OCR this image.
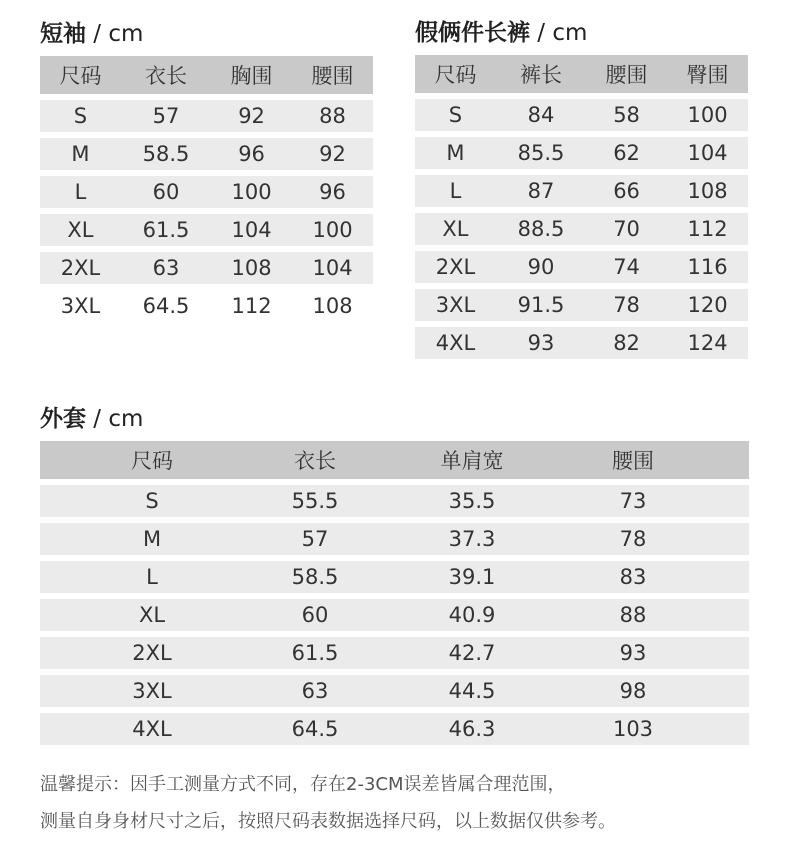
短袖 / cm
尺码	衣长	胸围	腰围
S	57	92	88
M	58.5	96	92
L	60	100	96
XL	61.5	104	100
2XL	63	108	104
3XL	64.5	112	108
假俩件长裤 / cm
尺码	裤长	腰围	臀围
S	84	58	100
M	85.5	62	104
L	87	66	108
XL	88.5	70	112
2XL	90	74	116
3XL	91.5	78	120
4XL	93	82	124
外套 / cm
尺码	衣长	单肩宽	腰围	
S	55.5	35.5	73	
M	57	37.3	78	
L	58.5	39.1	83	
XL	60	40.9	88	
2XL	61.5	42.7	93	
3XL	63	44.5	98	
4XL	64.5	46.3	103	

温馨提示：因手工测量方式不同，存在2-3CM误差皆属合理范围，

测量自身身材尺寸之后，按照尺码表数据选择尺码，以上数据仅供参考。
